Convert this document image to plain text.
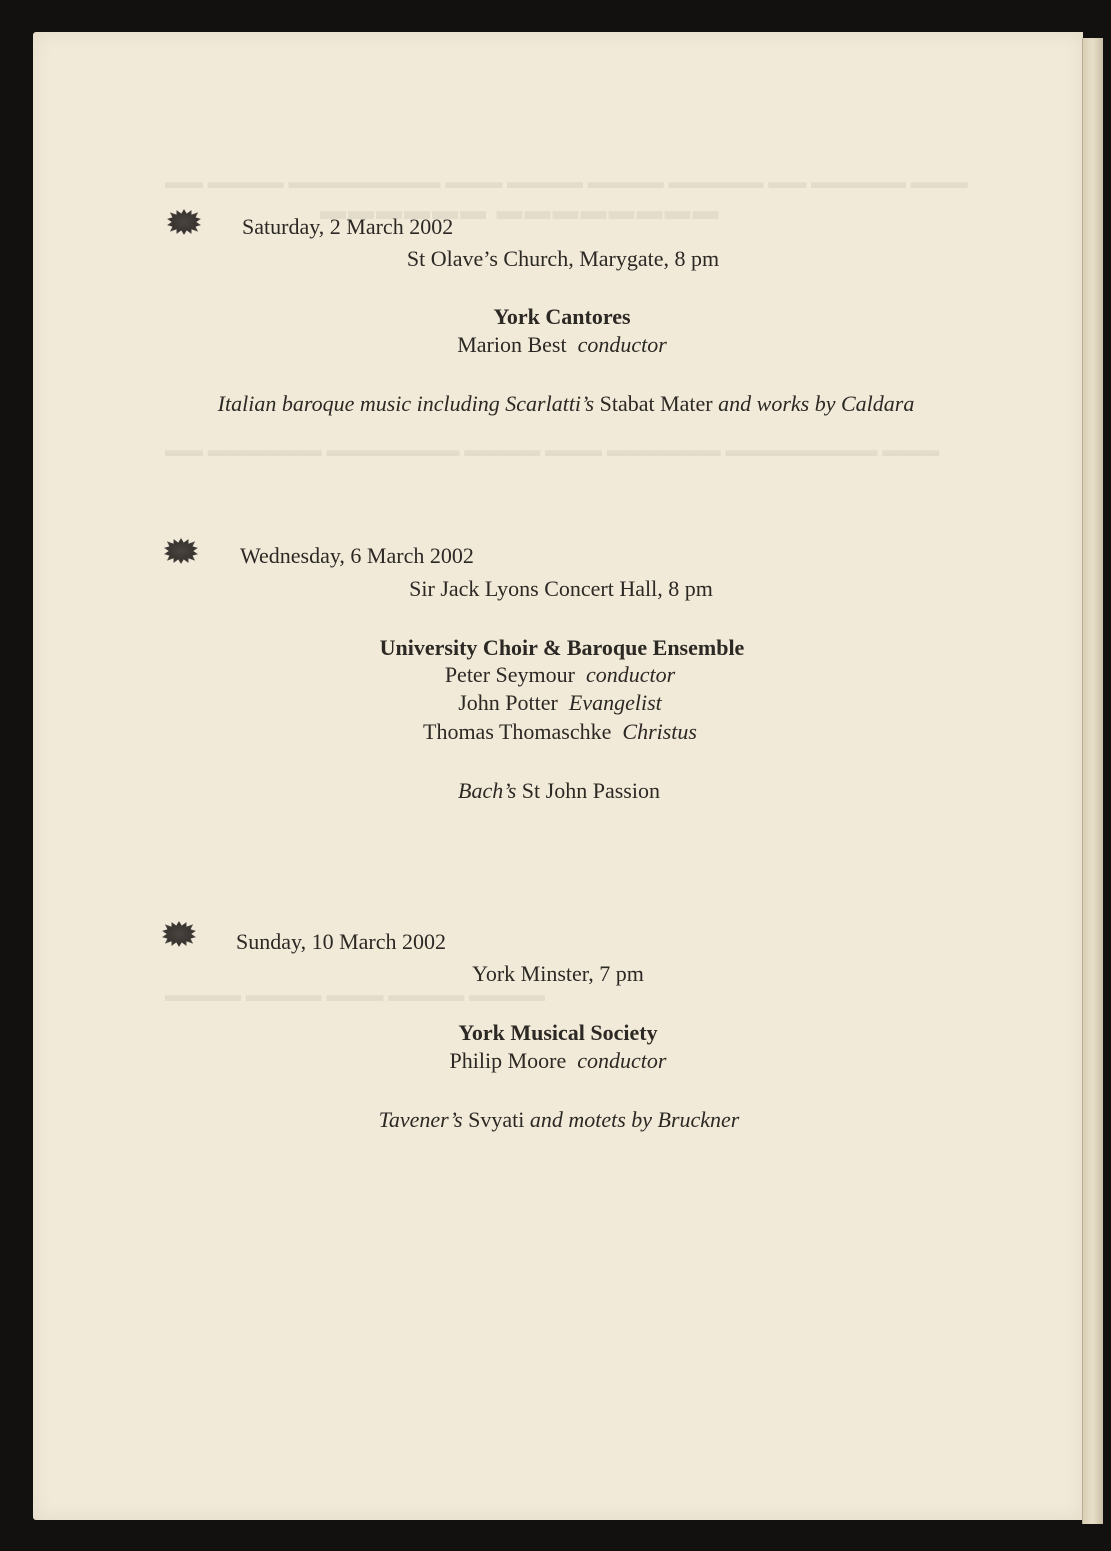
▬▬▬▬▬▬ ▬▬▬▬▬▬▬▬
▬▬ ▬▬▬▬ ▬▬▬▬▬▬▬▬ ▬▬▬ ▬▬▬▬ ▬▬▬▬ ▬▬▬▬▬ ▬▬ ▬▬▬▬▬ ▬▬▬
▬▬ ▬▬▬▬▬▬ ▬▬▬▬▬▬▬ ▬▬▬▬ ▬▬▬ ▬▬▬▬▬▬ ▬▬▬▬▬▬▬▬ ▬▬▬
▬▬▬▬ ▬▬▬▬ ▬▬▬ ▬▬▬▬ ▬▬▬▬
Saturday, 2 March 2002
St Olave’s Church, Marygate, 8 pm
York Cantores
Marion Best conductor
Italian baroque music including Scarlatti’s Stabat Mater and works by Caldara
Wednesday, 6 March 2002
Sir Jack Lyons Concert Hall, 8 pm
University Choir & Baroque Ensemble
Peter Seymour conductor
John Potter Evangelist
Thomas Thomaschke Christus
Bach’s St John Passion
Sunday, 10 March 2002
York Minster, 7 pm
York Musical Society
Philip Moore conductor
Tavener’s Svyati and motets by Bruckner
